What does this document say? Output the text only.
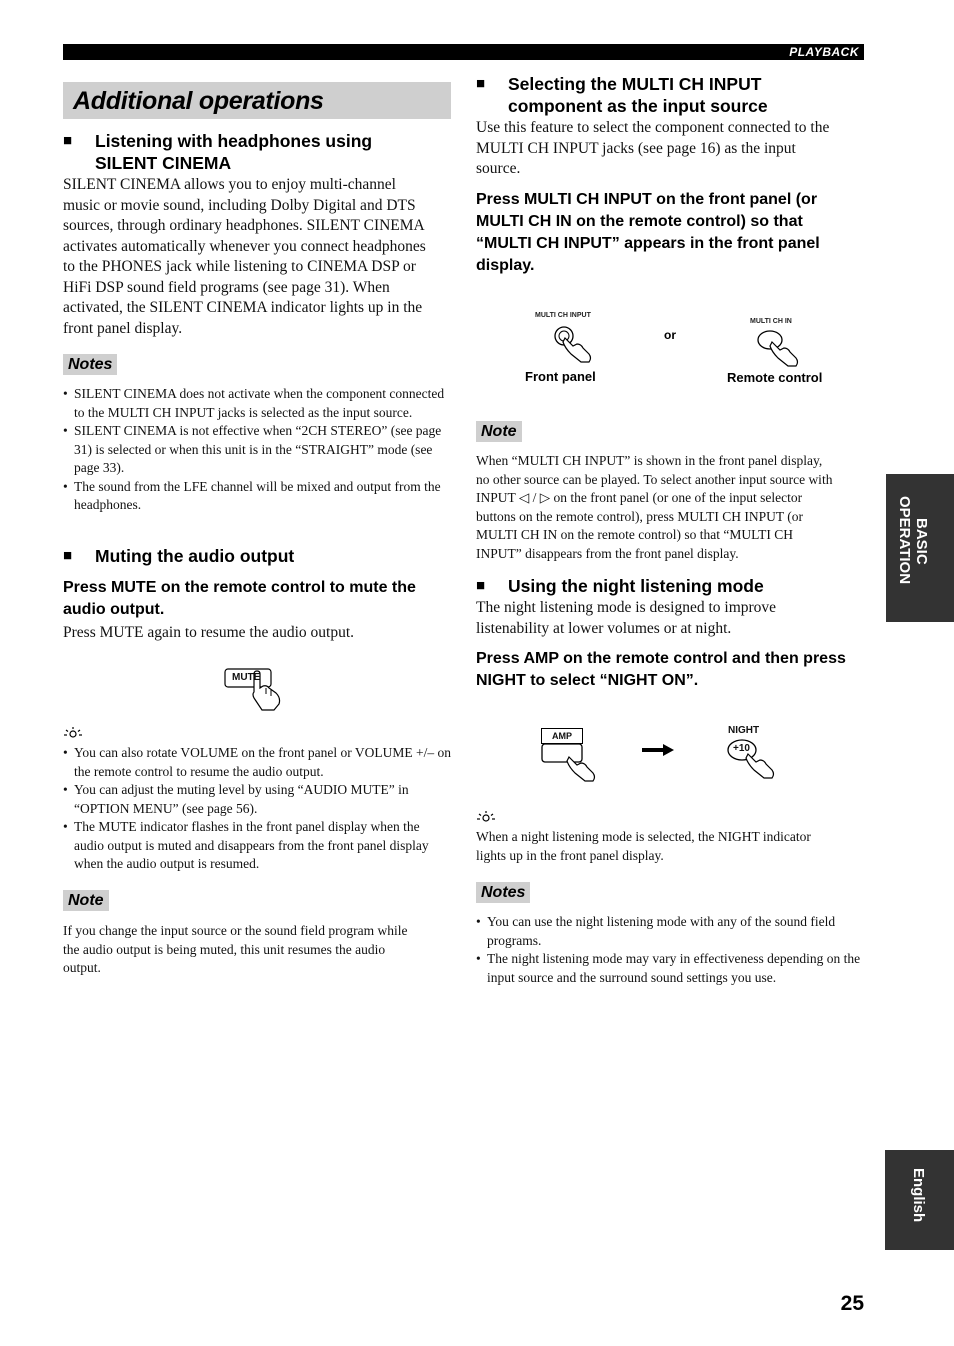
PLAYBACK
Additional operations
■ Listening with headphones using
SILENT CINEMA
SILENT CINEMA allows you to enjoy multi-channel
music or movie sound, including Dolby Digital and DTS
sources, through ordinary headphones. SILENT CINEMA
activates automatically whenever you connect headphones
to the PHONES jack while listening to CINEMA DSP or
HiFi DSP sound field programs (see page 31). When
activated, the SILENT CINEMA indicator lights up in the
front panel display.
Notes
• SILENT CINEMA does not activate when the component connected to the MULTI CH INPUT jacks is selected as the input source.
• SILENT CINEMA is not effective when “2CH STEREO” (see page 31) is selected or when this unit is in the “STRAIGHT” mode (see page 33).
• The sound from the LFE channel will be mixed and output from the headphones.
■ Muting the audio output
Press MUTE on the remote control to mute the
audio output.
Press MUTE again to resume the audio output.
MUTE
• You can also rotate VOLUME on the front panel or VOLUME +/– on the remote control to resume the audio output.
• You can adjust the muting level by using “AUDIO MUTE” in “OPTION MENU” (see page 56).
• The MUTE indicator flashes in the front panel display when the audio output is muted and disappears from the front panel display when the audio output is resumed.
Note
If you change the input source or the sound field program while
the audio output is being muted, this unit resumes the audio
output.
■ Selecting the MULTI CH INPUT
component as the input source
Use this feature to select the component connected to the
MULTI CH INPUT jacks (see page 16) as the input
source.
Press MULTI CH INPUT on the front panel (or
MULTI CH IN on the remote control) so that
“MULTI CH INPUT” appears in the front panel
display.
MULTI CH INPUT
Front panel
or
MULTI CH IN
Remote control
Note
When “MULTI CH INPUT” is shown in the front panel display,
no other source can be played. To select another input source with
INPUT ◁ / ▷ on the front panel (or one of the input selector
buttons on the remote control), press MULTI CH INPUT (or
MULTI CH IN on the remote control) so that “MULTI CH
INPUT” disappears from the front panel display.
■ Using the night listening mode
The night listening mode is designed to improve
listenability at lower volumes or at night.
Press AMP on the remote control and then press
NIGHT to select “NIGHT ON”.
AMP	NIGHT
+10
When a night listening mode is selected, the NIGHT indicator
lights up in the front panel display.
Notes
• You can use the night listening mode with any of the sound field programs.
• The night listening mode may vary in effectiveness depending on the input source and the surround sound settings you use.
BASIC
OPERATION
English
25
